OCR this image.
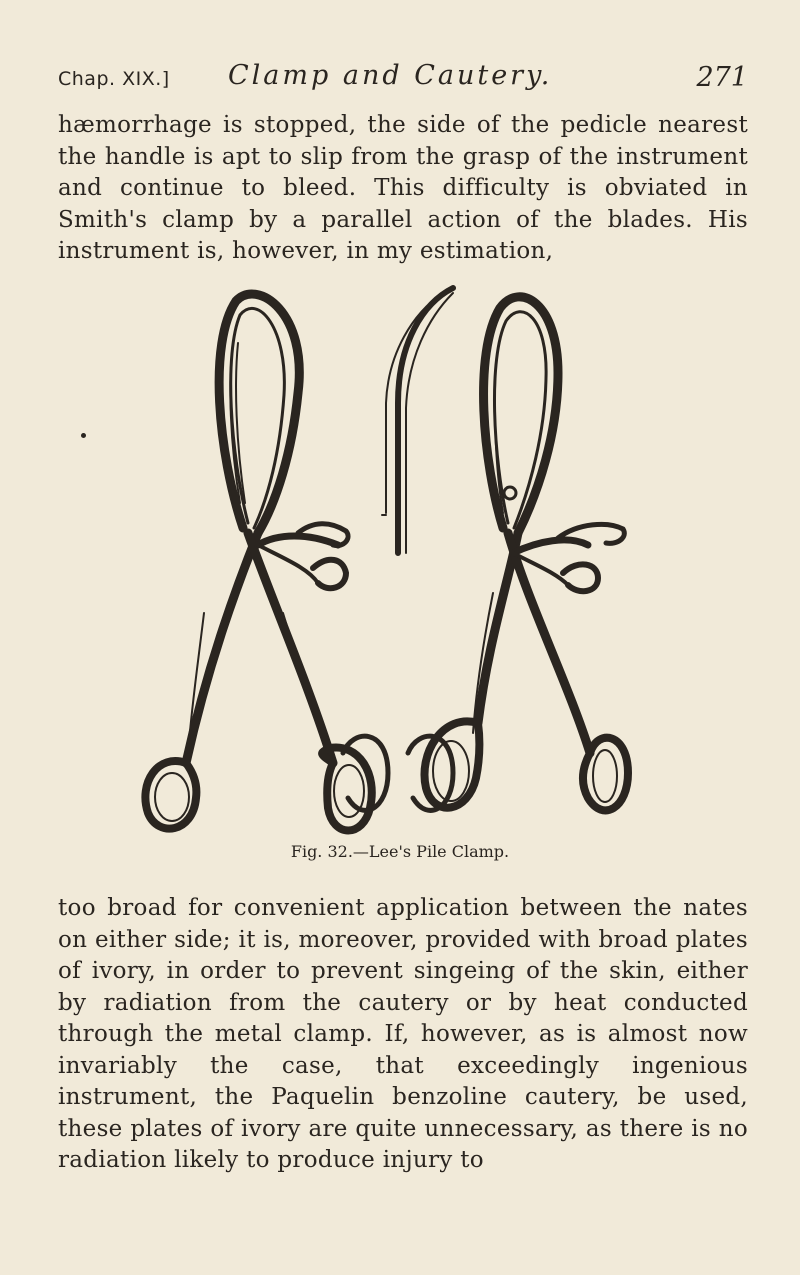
Chap. XIX.] Clamp and Cautery.	271
hæmorrhage is stopped, the side of the pedicle nearest the handle is apt to slip from the grasp of the instrument and continue to bleed. This difficulty is obviated in Smith's clamp by a parallel action of the blades. His instrument is, however, in my estimation,
Fig. 32.—Lee's Pile Clamp.
too broad for convenient application between the nates on either side; it is, moreover, provided with broad plates of ivory, in order to prevent singeing of the skin, either by radiation from the cautery or by heat conducted through the metal clamp. If, however, as is almost now invariably the case, that exceedingly ingenious instrument, the Paquelin benzoline cautery, be used, these plates of ivory are quite unnecessary, as there is no radiation likely to produce injury to
